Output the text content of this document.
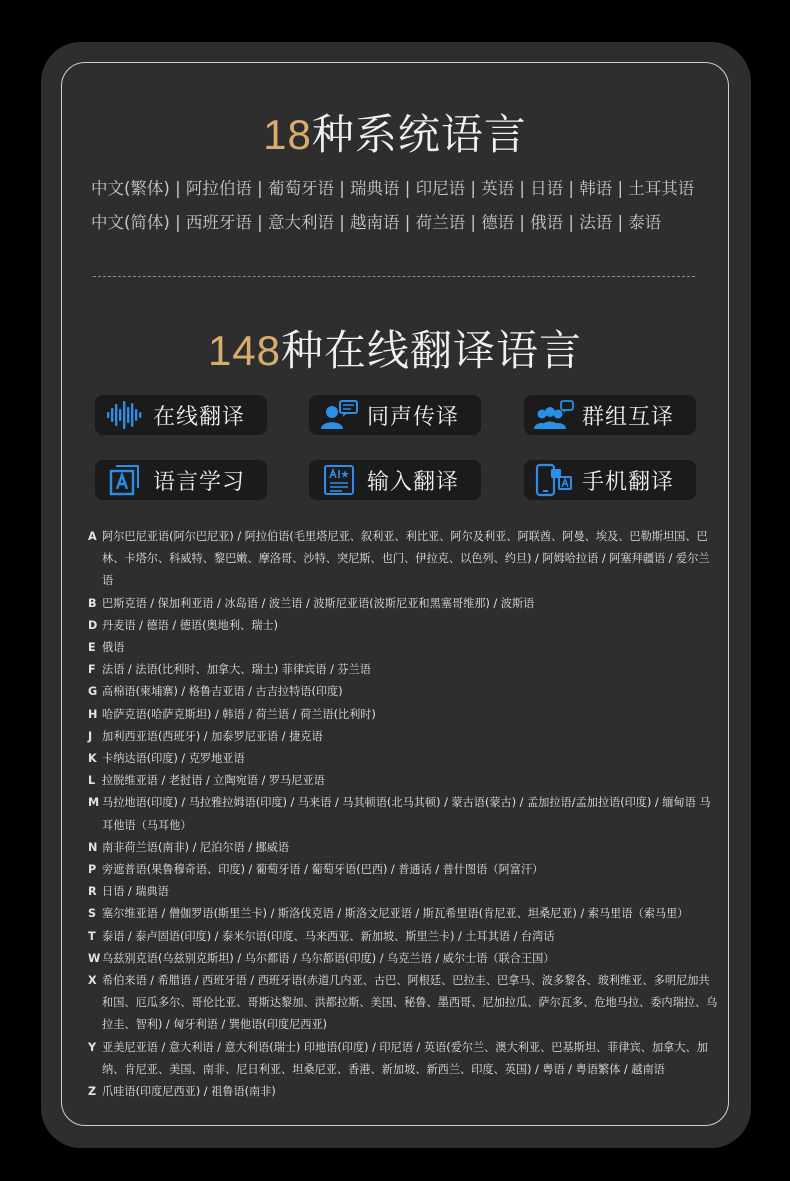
18种系统语言
中文(繁体) | 阿拉伯语 | 葡萄牙语 | 瑞典语 | 印尼语 | 英语 | 日语 | 韩语 | 土耳其语
中文(简体) | 西班牙语 | 意大利语 | 越南语 | 荷兰语 | 德语 | 俄语 | 法语 | 泰语
148种在线翻译语言
在线翻译	同声传译	群组互译
语言学习	输入翻译	手机翻译
A 阿尔巴尼亚语(阿尔巴尼亚) / 阿拉伯语(毛里塔尼亚、叙利亚、利比亚、阿尔及利亚、阿联酋、阿曼、埃及、巴勒斯坦国、巴林、卡塔尔、科威特、黎巴嫩、摩洛哥、沙特、突尼斯、也门、伊拉克、以色列、约旦) / 阿姆哈拉语 / 阿塞拜疆语 / 爱尔兰语
B 巴斯克语 / 保加利亚语 / 冰岛语 / 波兰语 / 波斯尼亚语(波斯尼亚和黑塞哥维那) / 波斯语
D 丹麦语 / 德语 / 德语(奥地利、瑞士)
E 俄语
F 法语 / 法语(比利时、加拿大、瑞士) 菲律宾语 / 芬兰语
G 高棉语(柬埔寨) / 格鲁吉亚语 / 古吉拉特语(印度)
H 哈萨克语(哈萨克斯坦) / 韩语 / 荷兰语 / 荷兰语(比利时)
J 加利西亚语(西班牙) / 加泰罗尼亚语 / 捷克语
K 卡纳达语(印度) / 克罗地亚语
L 拉脱维亚语 / 老挝语 / 立陶宛语 / 罗马尼亚语
M 马拉地语(印度) / 马拉雅拉姆语(印度) / 马来语 / 马其顿语(北马其顿) / 蒙古语(蒙古) / 孟加拉语/孟加拉语(印度) / 缅甸语 马耳他语（马耳他）
N 南非荷兰语(南非) / 尼泊尔语 / 挪威语
P 旁遮普语(果鲁穆奇语、印度) / 葡萄牙语 / 葡萄牙语(巴西) / 普通话 / 普什图语（阿富汗）
R 日语 / 瑞典语
S 塞尔维亚语 / 僧伽罗语(斯里兰卡) / 斯洛伐克语 / 斯洛文尼亚语 / 斯瓦希里语(肯尼亚、坦桑尼亚) / 索马里语（索马里）
T 泰语 / 泰卢固语(印度) / 泰米尔语(印度、马来西亚、新加坡、斯里兰卡) / 土耳其语 / 台湾话
W 乌兹别克语(乌兹别克斯坦) / 乌尔都语 / 乌尔都语(印度) / 乌克兰语 / 威尔士语（联合王国）
X 希伯来语 / 希腊语 / 西班牙语 / 西班牙语(赤道几内亚、古巴、阿根廷、巴拉圭、巴拿马、波多黎各、玻利维亚、多明尼加共和国、厄瓜多尔、哥伦比亚、哥斯达黎加、洪都拉斯、美国、秘鲁、墨西哥、尼加拉瓜、萨尔瓦多、危地马拉、委内瑞拉、乌拉圭、智利) / 匈牙利语 / 巽他语(印度尼西亚)
Y 亚美尼亚语 / 意大利语 / 意大利语(瑞士) 印地语(印度) / 印尼语 / 英语(爱尔兰、澳大利亚、巴基斯坦、菲律宾、加拿大、加纳、肯尼亚、美国、南非、尼日利亚、坦桑尼亚、香港、新加坡、新西兰、印度、英国) / 粤语 / 粤语繁体 / 越南语
Z 爪哇语(印度尼西亚) / 祖鲁语(南非)
